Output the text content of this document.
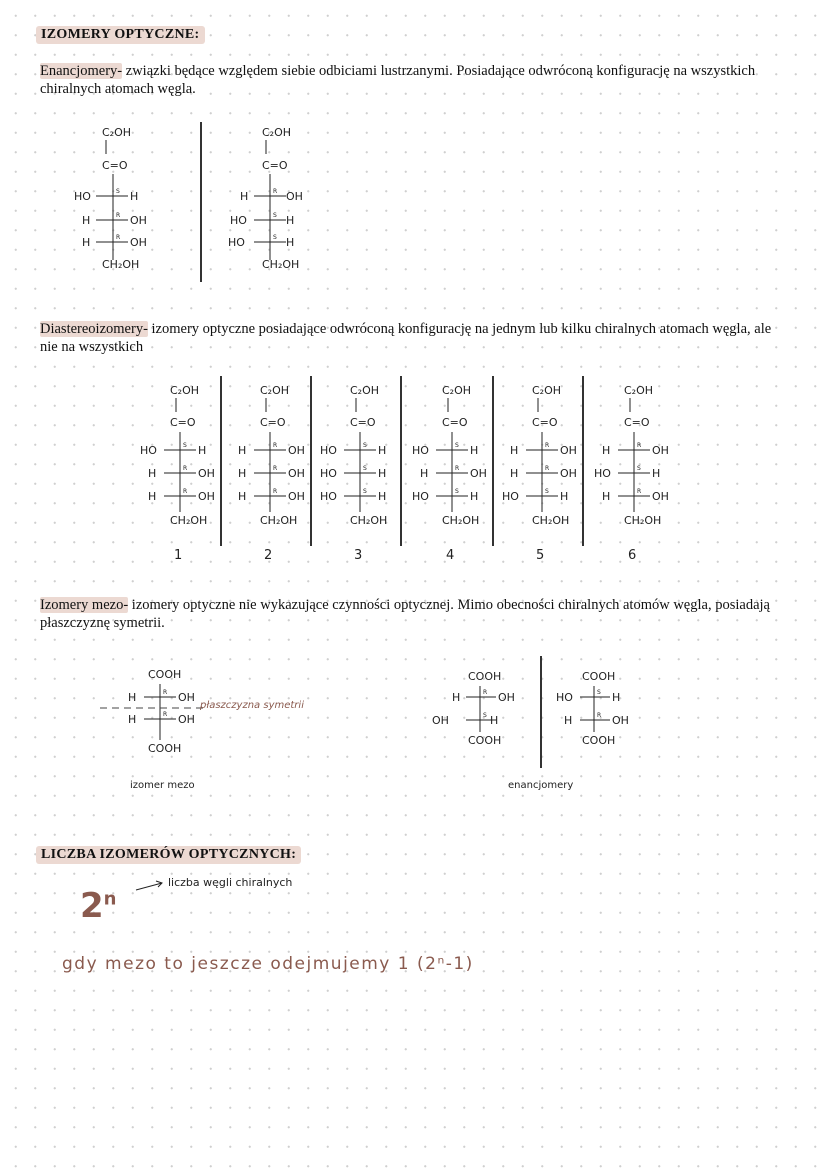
IZOMERY OPTYCZNE:
Enancjomery- związki będące względem siebie odbiciami lustrzanymi. Posiadające odwróconą konfigurację na wszystkich chiralnych atomach węgla.
C₂OH
C=O
HO	H
S
H	OH
R
H	OH
R
CH₂OH
C₂OH
C=O
H	OH
R
HO	H
S
HO	H
S
CH₂OH
Diastereoizomery- izomery optyczne posiadające odwróconą konfigurację na jednym lub kilku chiralnych atomach węgla, ale nie na wszystkich
C₂OH
C=O
HO	H
S
H	OH
R
H	OH
R
CH₂OH
1
C₂OH
C=O
H	OH
R
H	OH
R
H	OH
R
CH₂OH
2
C₂OH
C=O
HO	H
S
HO	H
S
HO	H
S
CH₂OH
3
C₂OH
C=O
HO	H
S
H	OH
R
HO	H
S
CH₂OH
4
C₂OH
C=O
H	OH
R
H	OH
R
HO	H
S
CH₂OH
5
C₂OH
C=O
H	OH
R
HO	H
S
H	OH
R
CH₂OH
6
Izomery mezo- izomery optyczne nie wykazujące czynności optycznej. Mimo obecności chiralnych atomów węgla, posiadają płaszczyznę symetrii.
COOH
H	OH
R
H	OH
R
COOH
płaszczyzna symetrii
izomer mezo
COOH
H	OH
R
OH	H
S
COOH
COOH
HO	H
S
H	OH
R
COOH
enancjomery
LICZBA IZOMERÓW OPTYCZNYCH:
2$^n$
liczba węgli chiralnych
gdy mezo to jeszcze odejmujemy 1 (2ⁿ-1)
